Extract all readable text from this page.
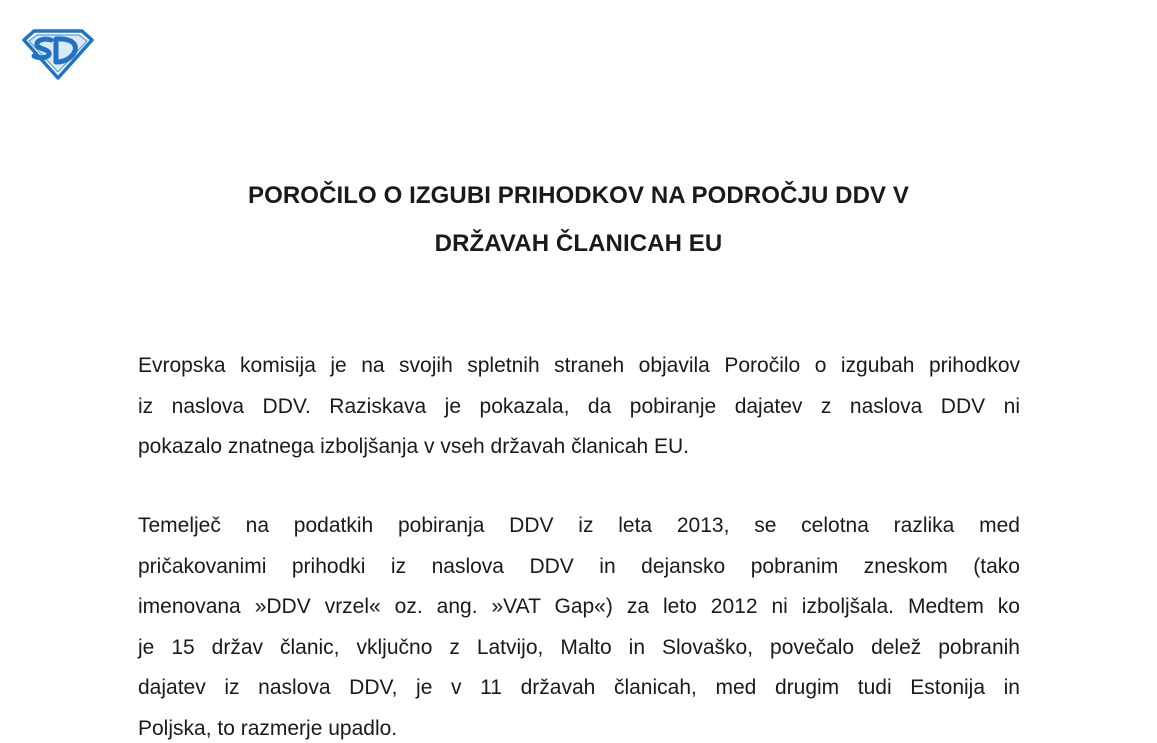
POROČILO O IZGUBI PRIHODKOV NA PODROČJU DDV V
DRŽAVAH ČLANICAH EU
Evropska komisija je na svojih spletnih straneh objavila Poročilo o izgubah prihodkov
iz naslova DDV. Raziskava je pokazala, da pobiranje dajatev z naslova DDV ni
pokazalo znatnega izboljšanja v vseh državah članicah EU.
Temelječ na podatkih pobiranja DDV iz leta 2013, se celotna razlika med
pričakovanimi prihodki iz naslova DDV in dejansko pobranim zneskom (tako
imenovana »DDV vrzel« oz. ang. »VAT Gap«) za leto 2012 ni izboljšala. Medtem ko
je 15 držav članic, vključno z Latvijo, Malto in Slovaško, povečalo delež pobranih
dajatev iz naslova DDV, je v 11 državah članicah, med drugim tudi Estonija in
Poljska, to razmerje upadlo.
